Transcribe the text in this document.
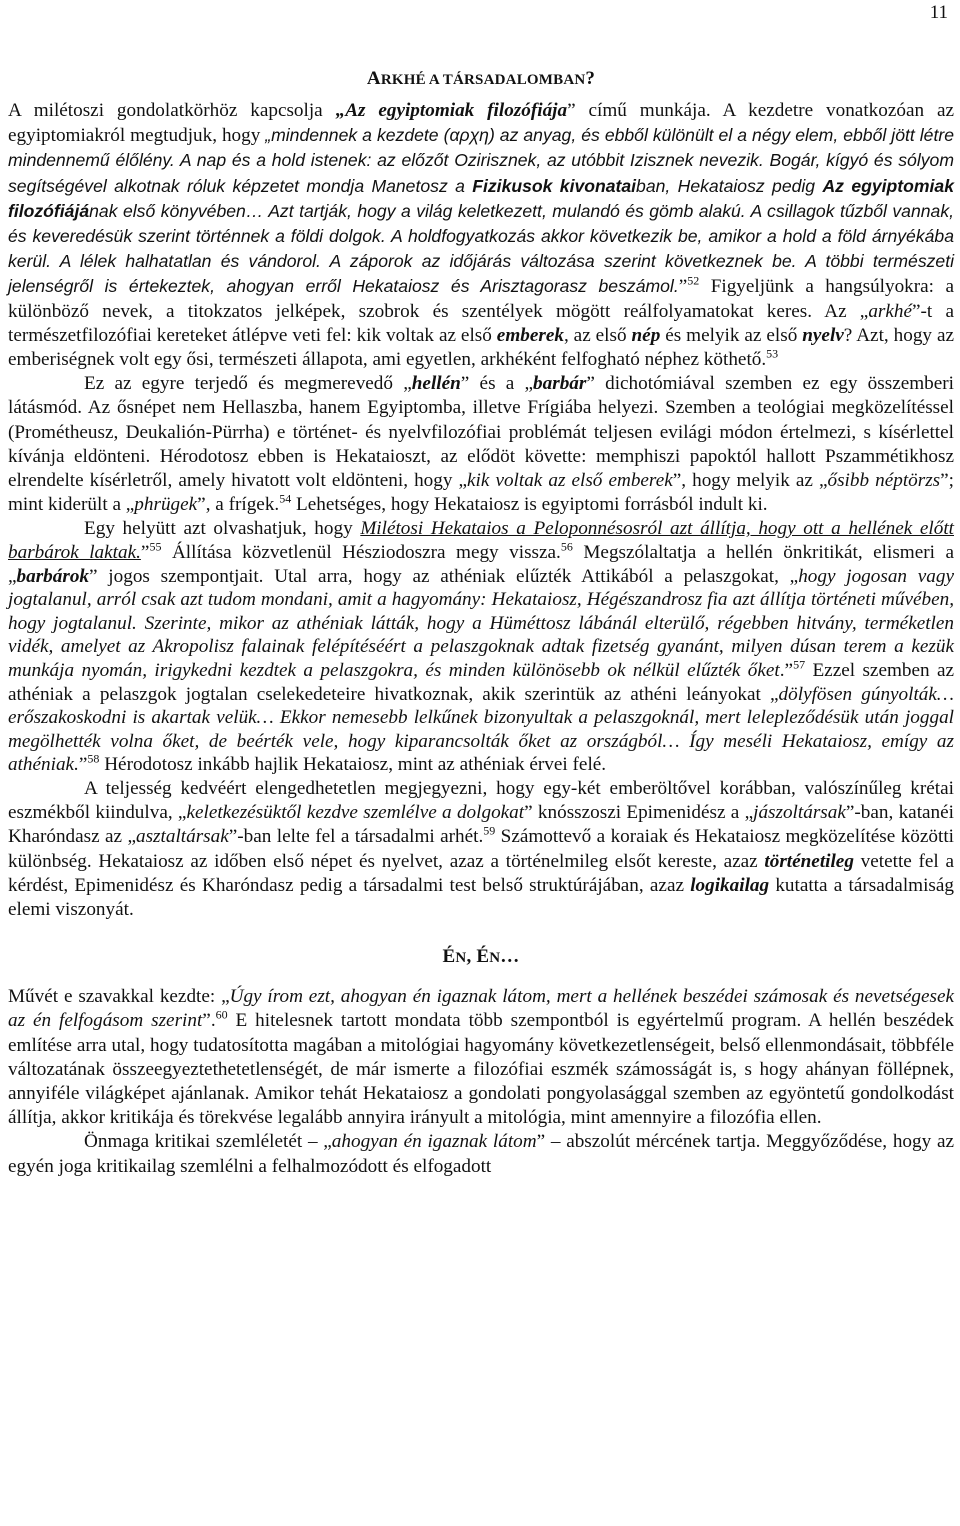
11

ARKHÉ A TÁRSADALOMBAN?

A milétoszi gondolatkörhöz kapcsolja „Az egyiptomiak filozófiája” című munkája. A kezdetre vonatkozóan az egyiptomiakról megtudjuk, hogy „mindennek a kezdete (αρχη) az anyag, és ebből különült el a négy elem, ebből jött létre mindennemű élőlény. A nap és a hold istenek: az előzőt Ozirisznek, az utóbbit Izisznek nevezik. Bogár, kígyó és sólyom segítségével alkotnak róluk képzetet mondja Manetosz a Fizikusok kivonataiban, Hekataiosz pedig Az egyiptomiak filozófiájának első könyvében… Azt tartják, hogy a világ keletkezett, mulandó és gömb alakú. A csillagok tűzből vannak, és keveredésük szerint történnek a földi dolgok. A holdfogyatkozás akkor következik be, amikor a hold a föld árnyékába kerül. A lélek halhatatlan és vándorol. A záporok az időjárás változása szerint következnek be. A többi természeti jelenségről is értekeztek, ahogyan erről Hekataiosz és Arisztagorasz beszámol.”$^{52}$ Figyeljünk a hangsúlyokra: a különböző nevek, a titokzatos jelképek, szobrok és szentélyek mögött reálfolyamatokat keres. Az „arkhé”-t a természetfilozófiai kereteket átlépve veti fel: kik voltak az első emberek, az első nép és melyik az első nyelv? Azt, hogy az emberiségnek volt egy ősi, természeti állapota, ami egyetlen, arkhéként felfogható néphez köthető.$^{53}$

Ez az egyre terjedő és megmerevedő „hellén” és a „barbár” dichotómiával szemben ez egy összemberi látásmód. Az ősnépet nem Hellaszba, hanem Egyiptomba, illetve Frígiába helyezi. Szemben a teológiai megközelítéssel (Prométheusz, Deukalión-Pürrha) e történet- és nyelvfilozófiai problémát teljesen evilági módon értelmezi, s kísérlettel kívánja eldönteni. Hérodotosz ebben is Hekataioszt, az elődöt követte: memphiszi papoktól hallott Pszammétikhosz elrendelte kísérletről, amely hivatott volt eldönteni, hogy „kik voltak az első emberek”, hogy melyik az „ősibb néptörzs”; mint kiderült a „phrügek”, a frígek.$^{54}$ Lehetséges, hogy Hekataiosz is egyiptomi forrásból indult ki.

Egy helyütt azt olvashatjuk, hogy Milétosi Hekataios a Peloponnésosról azt állítja, hogy ott a hellének előtt barbárok laktak.”$^{55}$ Állítása közvetlenül Hésziodoszra megy vissza.$^{56}$ Megszólaltatja a hellén önkritikát, elismeri a „barbárok” jogos szempontjait. Utal arra, hogy az athéniak elűzték Attikából a pelaszgokat, „hogy jogosan vagy jogtalanul, arról csak azt tudom mondani, amit a hagyomány: Hekataiosz, Hégészandrosz fia azt állítja történeti művében, hogy jogtalanul. Szerinte, mikor az athéniak látták, hogy a Hüméttosz lábánál elterülő, régebben hitvány, terméketlen vidék, amelyet az Akropolisz falainak felépítéséért a pelaszgoknak adtak fizetség gyanánt, milyen dúsan terem a kezük munkája nyomán, irigykedni kezdtek a pelaszgokra, és minden különösebb ok nélkül elűzték őket.”$^{57}$ Ezzel szemben az athéniak a pelaszgok jogtalan cselekedeteire hivatkoznak, akik szerintük az athéni leányokat „dölyfösen gúnyolták… erőszakoskodni is akartak velük… Ekkor nemesebb lelkűnek bizonyultak a pelaszgoknál, mert lelepleződésük után joggal megölhették volna őket, de beérték vele, hogy kiparancsolták őket az országból… Így meséli Hekataiosz, emígy az athéniak.”$^{58}$ Hérodotosz inkább hajlik Hekataiosz, mint az athéniak érvei felé.

A teljesség kedvéért elengedhetetlen megjegyezni, hogy egy-két emberöltővel korábban, valószínűleg krétai eszmékből kiindulva, „keletkezésüktől kezdve szemlélve a dolgokat” knósszoszi Epimenidész a „jászoltársak”-ban, katanéi Kharóndasz az „asztaltársak”-ban lelte fel a társadalmi arhét.$^{59}$ Számottevő a koraiak és Hekataiosz megközelítése közötti különbség. Hekataiosz az időben első népet és nyelvet, azaz a történelmileg elsőt kereste, azaz történetileg vetette fel a kérdést, Epimenidész és Kharóndasz pedig a társadalmi test belső struktúrájában, azaz logikailag kutatta a társadalmiság elemi viszonyát.

ÉN, ÉN…

Művét e szavakkal kezdte: „Úgy írom ezt, ahogyan én igaznak látom, mert a hellének beszédei számosak és nevetségesek az én felfogásom szerint”.$^{60}$ E hitelesnek tartott mondata több szempontból is egyértelmű program. A hellén beszédek említése arra utal, hogy tudatosította magában a mitológiai hagyomány következetlenségeit, belső ellenmondásait, többféle változatának összeegyeztethetetlenségét, de már ismerte a filozófiai eszmék számosságát is, s hogy ahányan föllépnek, annyiféle világképet ajánlanak. Amikor tehát Hekataiosz a gondolati pongyolasággal szemben az egyöntetű gondolkodást állítja, akkor kritikája és törekvése legalább annyira irányult a mitológia, mint amennyire a filozófia ellen.

Önmaga kritikai szemléletét – „ahogyan én igaznak látom” – abszolút mércének tartja. Meggyőződése, hogy az egyén joga kritikailag szemlélni a felhalmozódott és elfogadott
